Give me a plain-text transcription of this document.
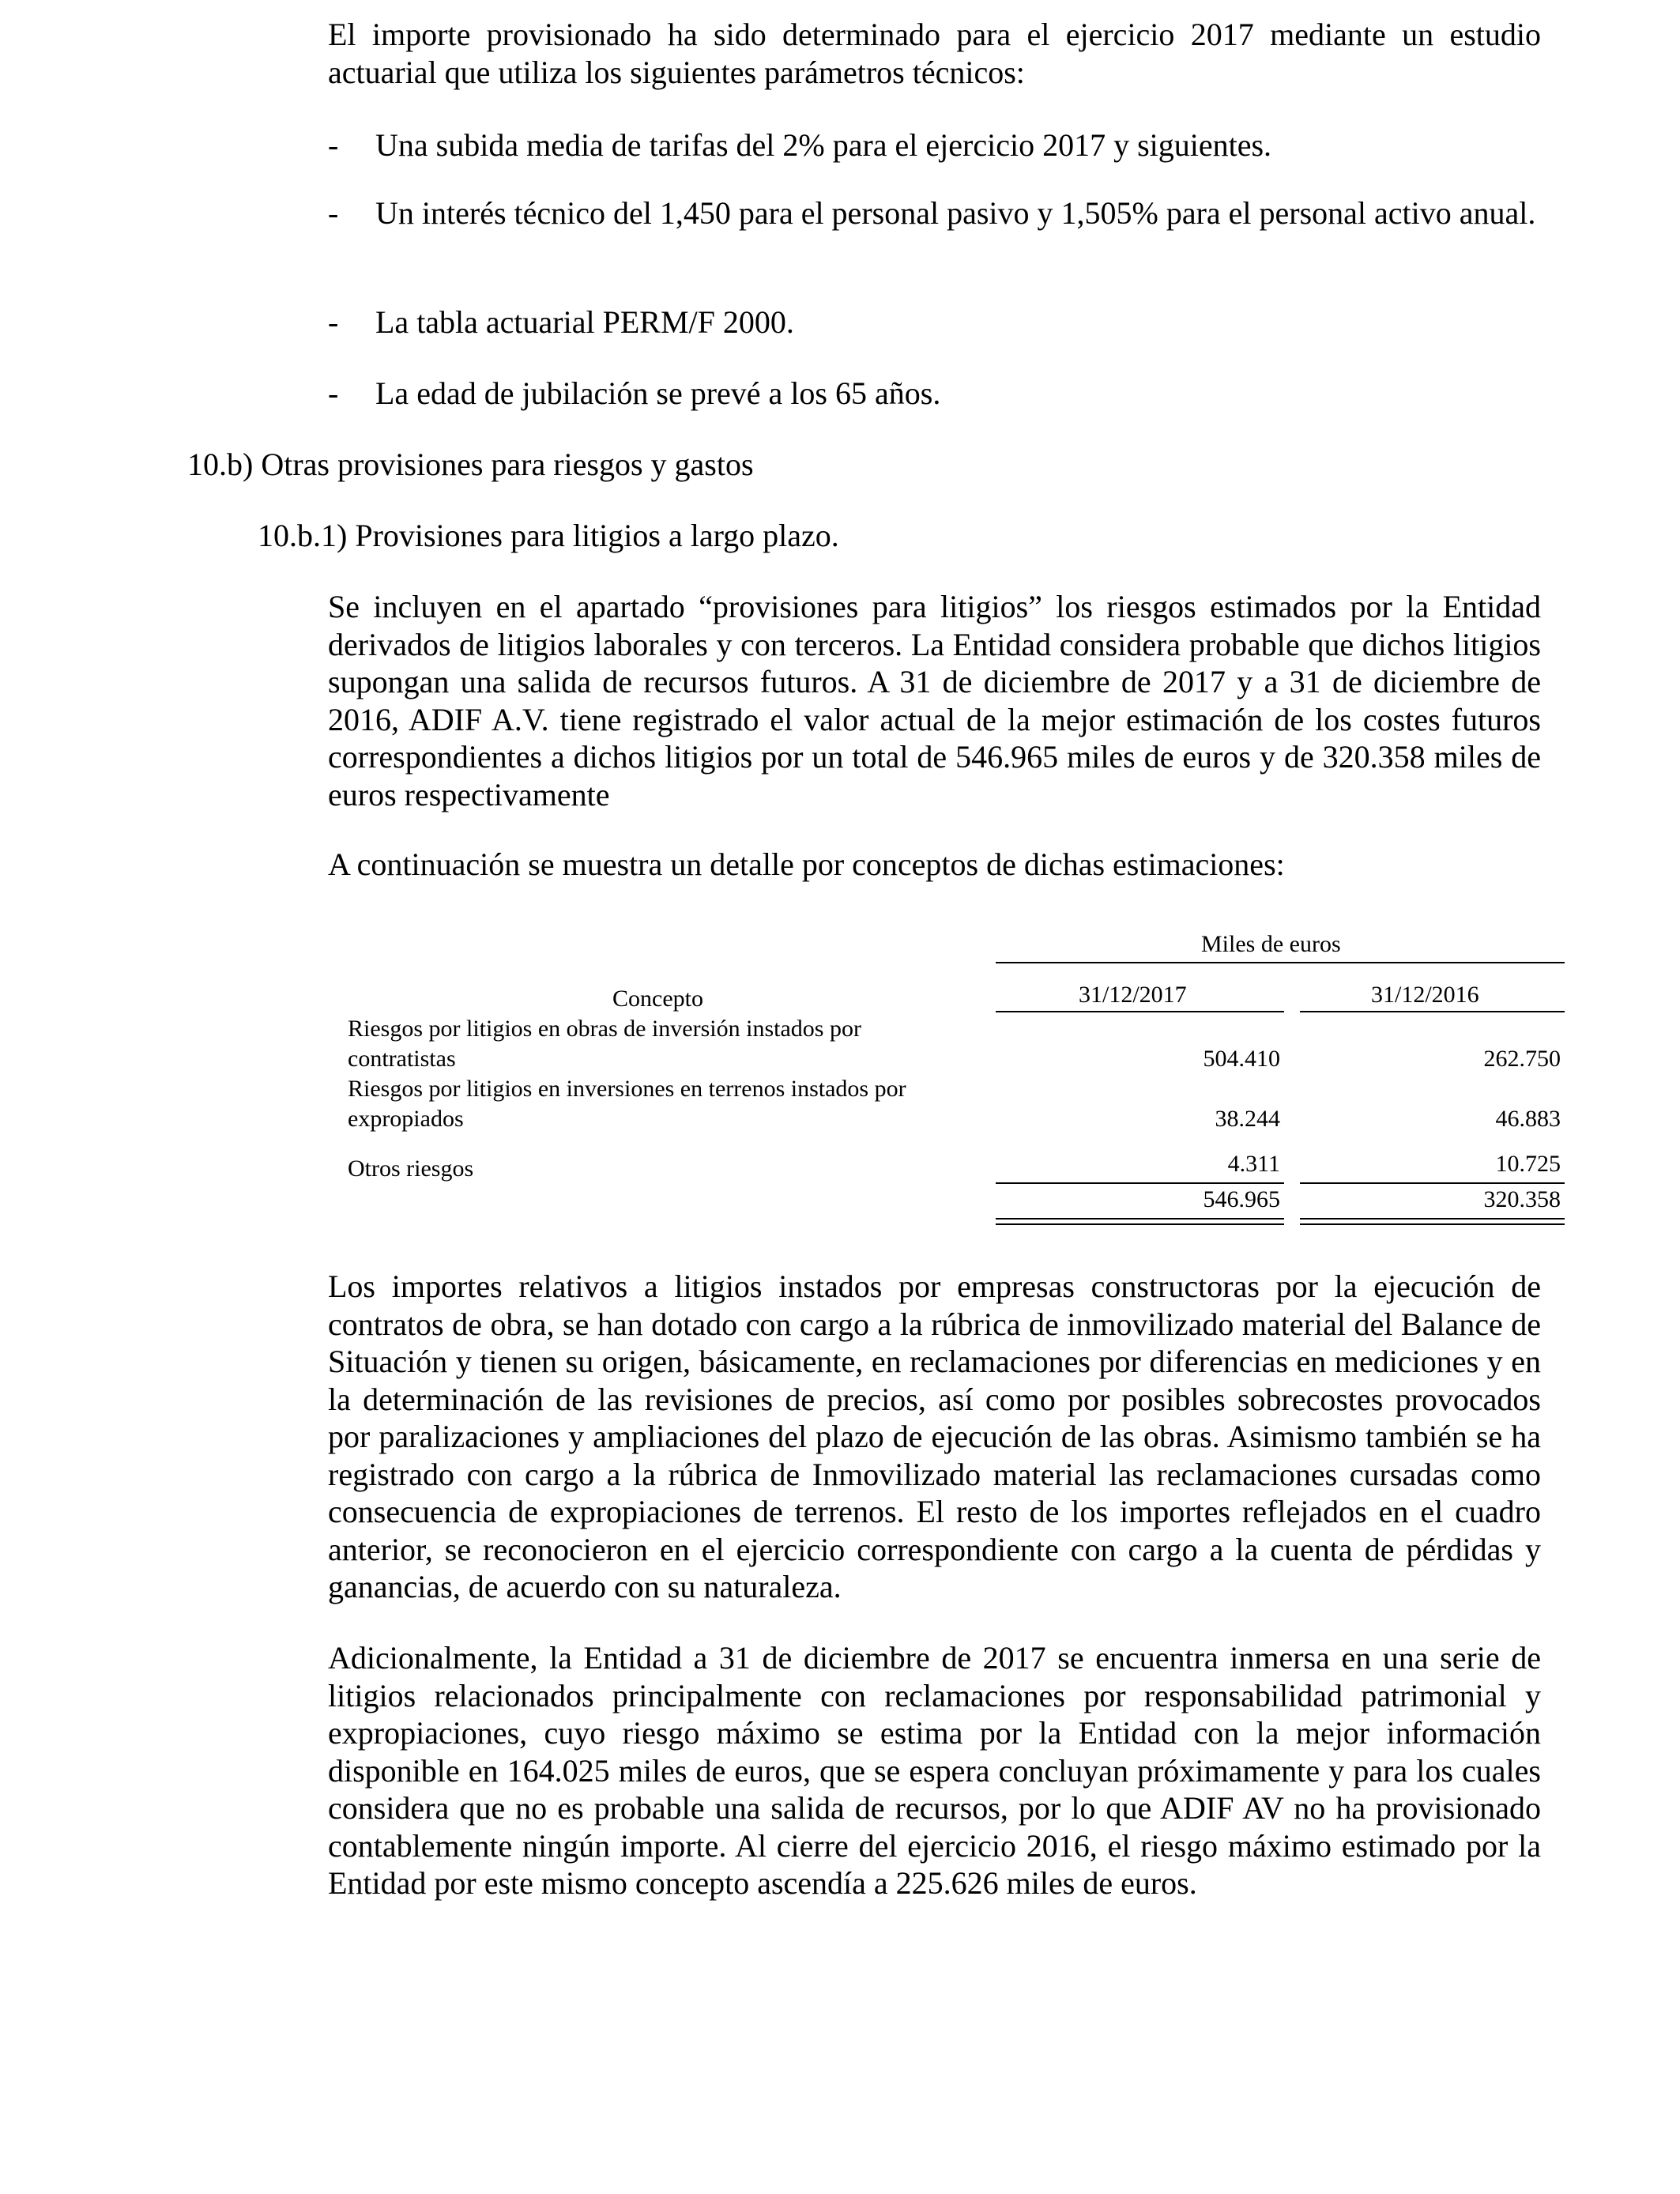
El importe provisionado ha sido determinado para el ejercicio 2017 mediante un estudio actuarial que utiliza los siguientes parámetros técnicos:

- Una subida media de tarifas del 2% para el ejercicio 2017 y siguientes.
- Un interés técnico del 1,450 para el personal pasivo y 1,505% para el personal activo anual.
- La tabla actuarial PERM/F 2000.
- La edad de jubilación se prevé a los 65 años.

10.b) Otras provisiones para riesgos y gastos

10.b.1) Provisiones para litigios a largo plazo.

Se incluyen en el apartado “provisiones para litigios” los riesgos estimados por la Entidad derivados de litigios laborales y con terceros. La Entidad considera probable que dichos litigios supongan una salida de recursos futuros. A 31 de diciembre de 2017 y a 31 de diciembre de 2016, ADIF A.V. tiene registrado el valor actual de la mejor estimación de los costes futuros correspondientes a dichos litigios por un total de 546.965 miles de euros y de 320.358 miles de euros respectivamente

A continuación se muestra un detalle por conceptos de dichas estimaciones:

Miles de euros
Concepto	31/12/2017	31/12/2016
Riesgos por litigios en obras de inversión instados por
contratistas	504.410	262.750
Riesgos por litigios en inversiones en terrenos instados por
expropiados	38.244	46.883
Otros riesgos	4.311	10.725
546.965	320.358

Los importes relativos a litigios instados por empresas constructoras por la ejecución de contratos de obra, se han dotado con cargo a la rúbrica de inmovilizado material del Balance de Situación y tienen su origen, básicamente, en reclamaciones por diferencias en mediciones y en la determinación de las revisiones de precios, así como por posibles sobrecostes provocados por paralizaciones y ampliaciones del plazo de ejecución de las obras. Asimismo también se ha registrado con cargo a la rúbrica de Inmovilizado material las reclamaciones cursadas como consecuencia de expropiaciones de terrenos. El resto de los importes reflejados en el cuadro anterior, se reconocieron en el ejercicio correspondiente con cargo a la cuenta de pérdidas y ganancias, de acuerdo con su naturaleza.

Adicionalmente, la Entidad a 31 de diciembre de 2017 se encuentra inmersa en una serie de litigios relacionados principalmente con reclamaciones por responsabilidad patrimonial y expropiaciones, cuyo riesgo máximo se estima por la Entidad con la mejor información disponible en 164.025 miles de euros, que se espera concluyan próximamente y para los cuales considera que no es probable una salida de recursos, por lo que ADIF AV no ha provisionado contablemente ningún importe. Al cierre del ejercicio 2016, el riesgo máximo estimado por la Entidad por este mismo concepto ascendía a 225.626 miles de euros.
